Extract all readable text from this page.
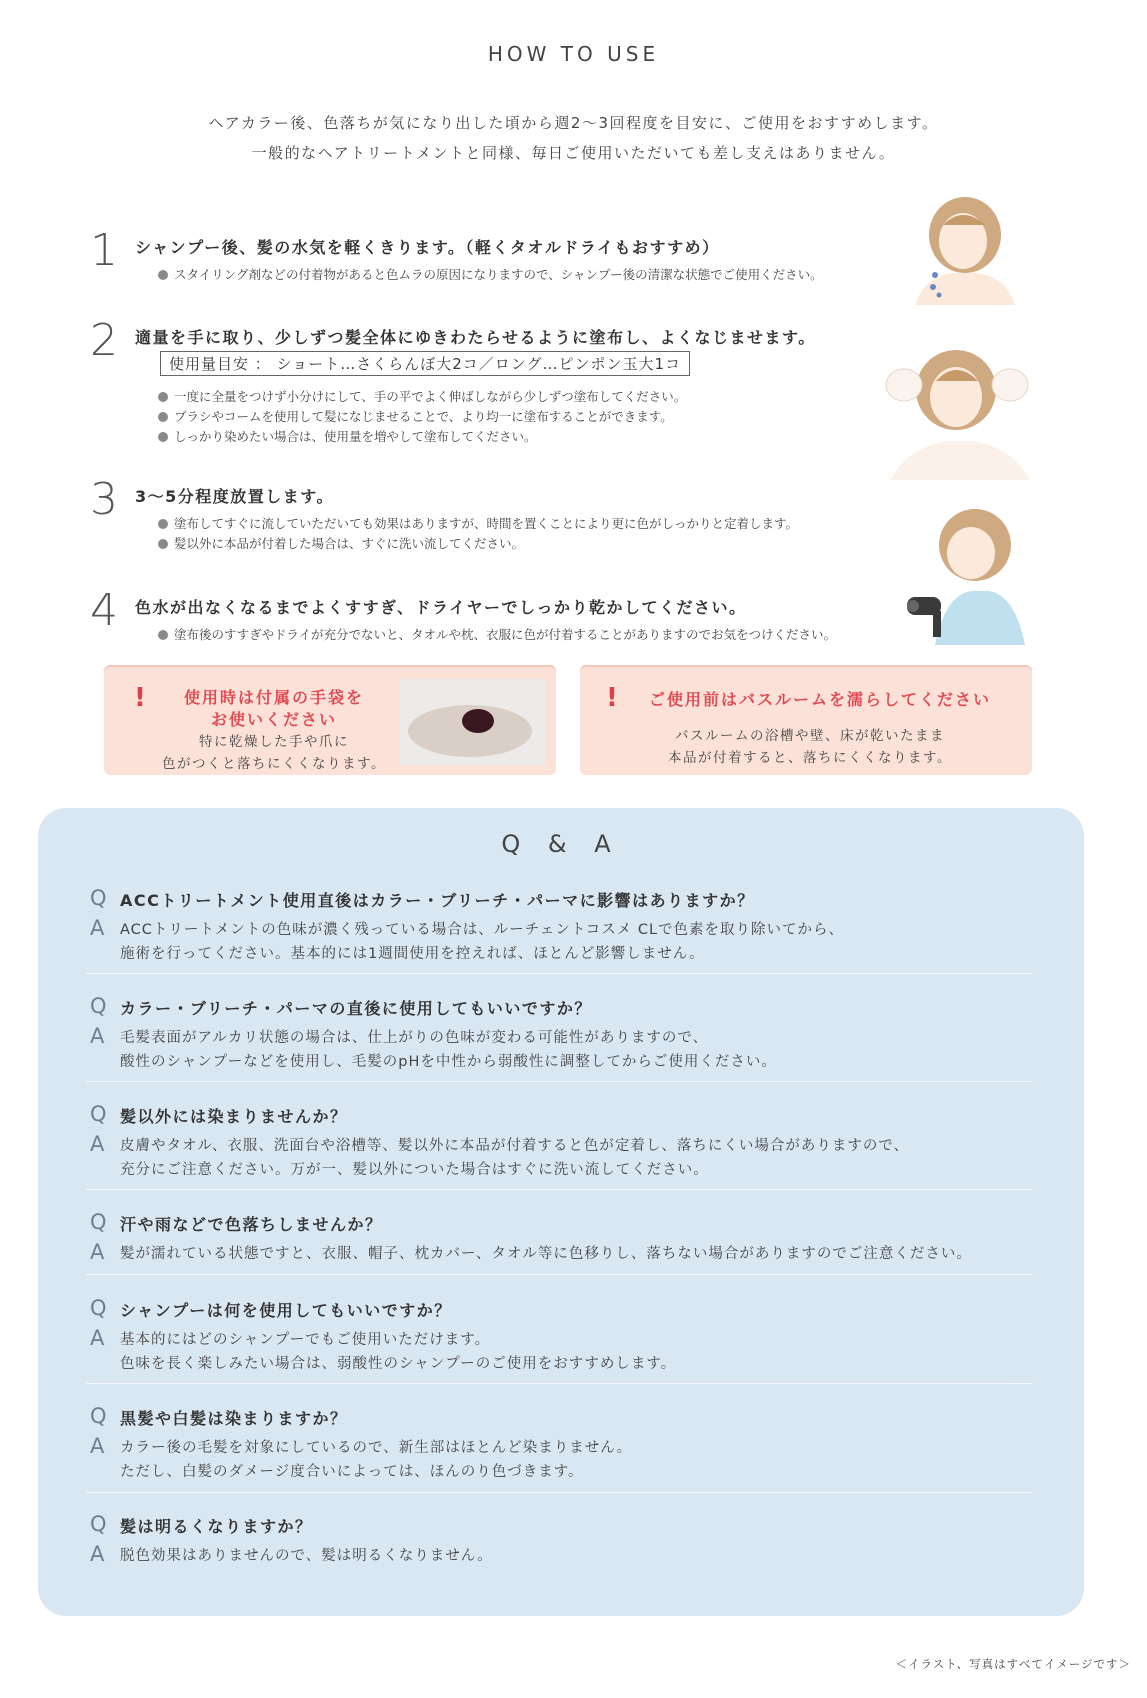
HOW TO USE
ヘアカラー後、色落ちが気になり出した頃から週2～3回程度を目安に、ご使用をおすすめします。
一般的なヘアトリートメントと同様、毎日ご使用いただいても差し支えはありません。
1 シャンプー後、髪の水気を軽くきります。（軽くタオルドライもおすすめ）
スタイリング剤などの付着物があると色ムラの原因になりますので、シャンプー後の清潔な状態でご使用ください。
2 適量を手に取り、少しずつ髪全体にゆきわたらせるように塗布し、よくなじませます。
使用量目安 ： ショート…さくらんぼ大2コ／ロング…ピンポン玉大1コ
一度に全量をつけず小分けにして、手の平でよく伸ばしながら少しずつ塗布してください。
ブラシやコームを使用して髪になじませることで、より均一に塗布することができます。
しっかり染めたい場合は、使用量を増やして塗布してください。
3 3～5分程度放置します。
塗布してすぐに流していただいても効果はありますが、時間を置くことにより更に色がしっかりと定着します。
髪以外に本品が付着した場合は、すぐに洗い流してください。
4 色水が出なくなるまでよくすすぎ、ドライヤーでしっかり乾かしてください。
塗布後のすすぎやドライが充分でないと、タオルや枕、衣服に色が付着することがありますのでお気をつけください。
!	使用時は付属の手袋を
お使いください
特に乾燥した手や爪に
色がつくと落ちにくくなります。
!	ご使用前はバスルームを濡らしてください
バスルームの浴槽や壁、床が乾いたまま
本品が付着すると、落ちにくくなります。
Q & A
Q ACCトリートメント使用直後はカラー・ブリーチ・パーマに影響はありますか？
A ACCトリートメントの色味が濃く残っている場合は、ルーチェントコスメ CLで色素を取り除いてから、
施術を行ってください。基本的には1週間使用を控えれば、ほとんど影響しません。
Q カラー・ブリーチ・パーマの直後に使用してもいいですか？
A 毛髪表面がアルカリ状態の場合は、仕上がりの色味が変わる可能性がありますので、
酸性のシャンプーなどを使用し、毛髪のpHを中性から弱酸性に調整してからご使用ください。
Q 髪以外には染まりませんか？
A 皮膚やタオル、衣服、洗面台や浴槽等、髪以外に本品が付着すると色が定着し、落ちにくい場合がありますので、
充分にご注意ください。万が一、髪以外についた場合はすぐに洗い流してください。
Q 汗や雨などで色落ちしませんか？
A 髪が濡れている状態ですと、衣服、帽子、枕カバー、タオル等に色移りし、落ちない場合がありますのでご注意ください。
Q シャンプーは何を使用してもいいですか？
A 基本的にはどのシャンプーでもご使用いただけます。
色味を長く楽しみたい場合は、弱酸性のシャンプーのご使用をおすすめします。
Q 黒髪や白髪は染まりますか？
A カラー後の毛髪を対象にしているので、新生部はほとんど染まりません。
ただし、白髪のダメージ度合いによっては、ほんのり色づきます。
Q 髪は明るくなりますか？
A 脱色効果はありませんので、髪は明るくなりません。
＜イラスト、写真はすべてイメージです＞
